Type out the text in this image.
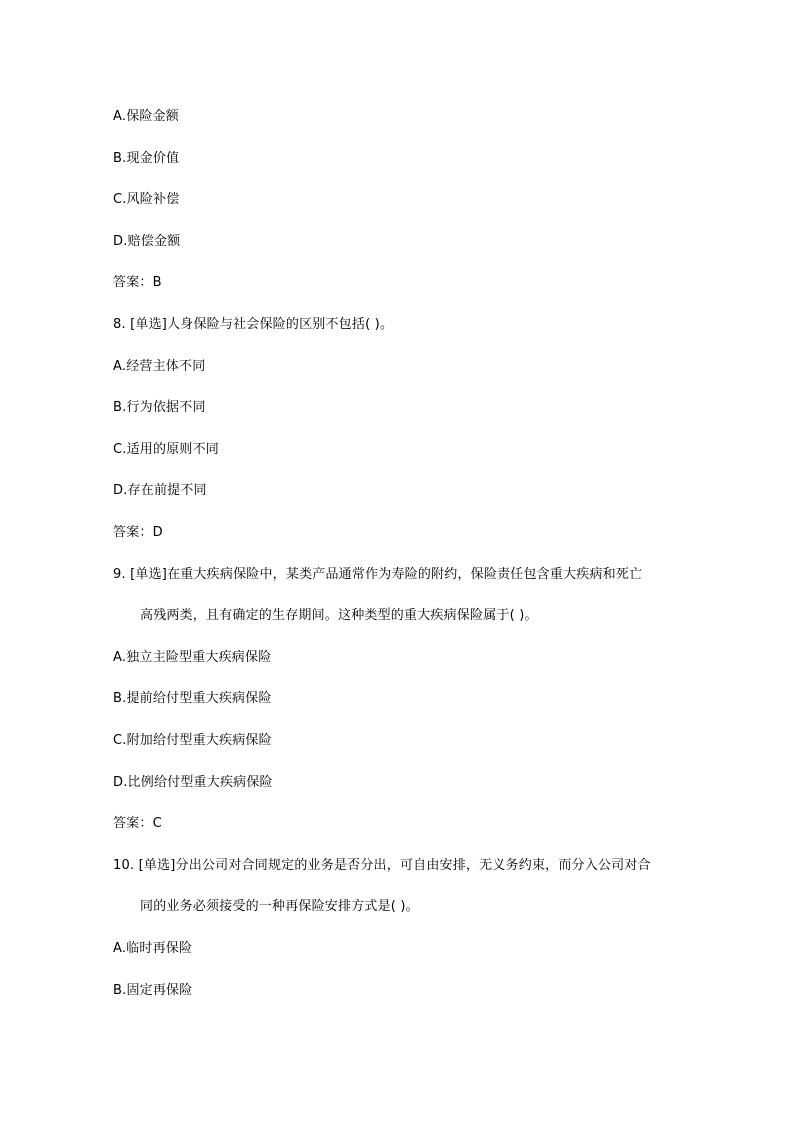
A.保险金额
B.现金价值
C.风险补偿
D.赔偿金额
答案：B
8. [单选]人身保险与社会保险的区别不包括( )。
A.经营主体不同
B.行为依据不同
C.适用的原则不同
D.存在前提不同
答案：D
9. [单选]在重大疾病保险中，某类产品通常作为寿险的附约，保险责任包含重大疾病和死亡
高残两类，且有确定的生存期间。这种类型的重大疾病保险属于( )。
A.独立主险型重大疾病保险
B.提前给付型重大疾病保险
C.附加给付型重大疾病保险
D.比例给付型重大疾病保险
答案：C
10. [单选]分出公司对合同规定的业务是否分出，可自由安排，无义务约束，而分入公司对合
同的业务必须接受的一种再保险安排方式是( )。
A.临时再保险
B.固定再保险
